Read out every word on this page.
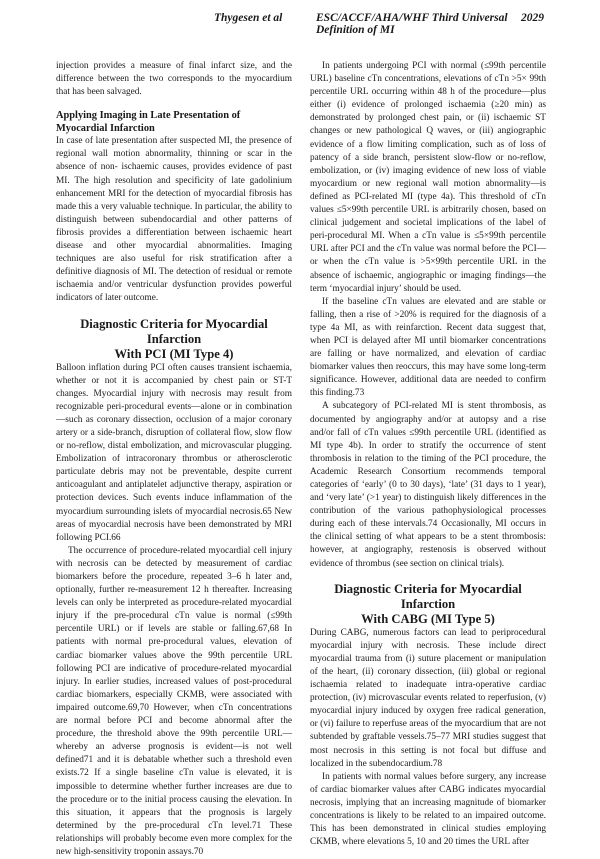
Thygesen et al	ESC/ACCF/AHA/WHF Third Universal Definition of MI
2029

injection provides a measure of final infarct size, and the difference between the two corresponds to the myocardium that has been salvaged.

Applying Imaging in Late Presentation of
Myocardial Infarction

In case of late presentation after suspected MI, the presence of regional wall motion abnormality, thinning or scar in the absence of non- ischaemic causes, provides evidence of past MI. The high resolution and specificity of late gadolinium enhancement MRI for the detection of myocardial fibrosis has made this a very valuable technique. In particular, the ability to distinguish between subendocardial and other patterns of fibrosis provides a differentiation between ischaemic heart disease and other myocardial abnormalities. Imaging techniques are also useful for risk stratification after a definitive diagnosis of MI. The detection of residual or remote ischaemia and/or ventricular dysfunction provides powerful indicators of later outcome.

Diagnostic Criteria for Myocardial Infarction
With PCI (MI Type 4)

Balloon inflation during PCI often causes transient ischaemia, whether or not it is accompanied by chest pain or ST-T changes. Myocardial injury with necrosis may result from recognizable peri-procedural events—alone or in combination—such as coronary dissection, occlusion of a major coronary artery or a side-branch, disruption of collateral flow, slow flow or no-reflow, distal embolization, and microvascular plugging. Embolization of intracoronary thrombus or atherosclerotic particulate debris may not be preventable, despite current anticoagulant and antiplatelet adjunctive therapy, aspiration or protection devices. Such events induce inflammation of the myocardium surrounding islets of myocardial necrosis.65 New areas of myocardial necrosis have been demonstrated by MRI following PCI.66

The occurrence of procedure-related myocardial cell injury with necrosis can be detected by measurement of cardiac biomarkers before the procedure, repeated 3–6 h later and, optionally, further re-measurement 12 h thereafter. Increasing levels can only be interpreted as procedure-related myocardial injury if the pre-procedural cTn value is normal (≤99th percentile URL) or if levels are stable or falling.67,68 In patients with normal pre-procedural values, elevation of cardiac biomarker values above the 99th percentile URL following PCI are indicative of procedure-related myocardial injury. In earlier studies, increased values of post-procedural cardiac biomarkers, especially CKMB, were associated with impaired outcome.69,70 However, when cTn concentrations are normal before PCI and become abnormal after the procedure, the threshold above the 99th percentile URL—whereby an adverse prognosis is evident—is not well defined71 and it is debatable whether such a threshold even exists.72 If a single baseline cTn value is elevated, it is impossible to determine whether further increases are due to the procedure or to the initial process causing the elevation. In this situation, it appears that the prognosis is largely determined by the pre-procedural cTn level.71 These relationships will probably become even more complex for the new high-sensitivity troponin assays.70

In patients undergoing PCI with normal (≤99th percentile URL) baseline cTn concentrations, elevations of cTn >5× 99th percentile URL occurring within 48 h of the procedure—plus either (i) evidence of prolonged ischaemia (≥20 min) as demonstrated by prolonged chest pain, or (ii) ischaemic ST changes or new pathological Q waves, or (iii) angiographic evidence of a flow limiting complication, such as of loss of patency of a side branch, persistent slow-flow or no-reflow, embolization, or (iv) imaging evidence of new loss of viable myocardium or new regional wall motion abnormality—is defined as PCI-related MI (type 4a). This threshold of cTn values ≤5×99th percentile URL is arbitrarily chosen, based on clinical judgement and societal implications of the label of peri-procedural MI. When a cTn value is ≤5×99th percentile URL after PCI and the cTn value was normal before the PCI—or when the cTn value is >5×99th percentile URL in the absence of ischaemic, angiographic or imaging findings—the term ‘myocardial injury’ should be used.

If the baseline cTn values are elevated and are stable or falling, then a rise of >20% is required for the diagnosis of a type 4a MI, as with reinfarction. Recent data suggest that, when PCI is delayed after MI until biomarker concentrations are falling or have normalized, and elevation of cardiac biomarker values then reoccurs, this may have some long-term significance. However, additional data are needed to confirm this finding.73

A subcategory of PCI-related MI is stent thrombosis, as documented by angiography and/or at autopsy and a rise and/or fall of cTn values ≤99th percentile URL (identified as MI type 4b). In order to stratify the occurrence of stent thrombosis in relation to the timing of the PCI procedure, the Academic Research Consortium recommends temporal categories of ‘early’ (0 to 30 days), ‘late’ (31 days to 1 year), and ‘very late’ (>1 year) to distinguish likely differences in the contribution of the various pathophysiological processes during each of these intervals.74 Occasionally, MI occurs in the clinical setting of what appears to be a stent thrombosis: however, at angiography, restenosis is observed without evidence of thrombus (see section on clinical trials).

Diagnostic Criteria for Myocardial Infarction
With CABG (MI Type 5)

During CABG, numerous factors can lead to periprocedural myocardial injury with necrosis. These include direct myocardial trauma from (i) suture placement or manipulation of the heart, (ii) coronary dissection, (iii) global or regional ischaemia related to inadequate intra-operative cardiac protection, (iv) microvascular events related to reperfusion, (v) myocardial injury induced by oxygen free radical generation, or (vi) failure to reperfuse areas of the myocardium that are not subtended by graftable vessels.75–77 MRI studies suggest that most necrosis in this setting is not focal but diffuse and localized in the subendocardium.78

In patients with normal values before surgery, any increase of cardiac biomarker values after CABG indicates myocardial necrosis, implying that an increasing magnitude of biomarker concentrations is likely to be related to an impaired outcome. This has been demonstrated in clinical studies employing CKMB, where elevations 5, 10 and 20 times the URL after
